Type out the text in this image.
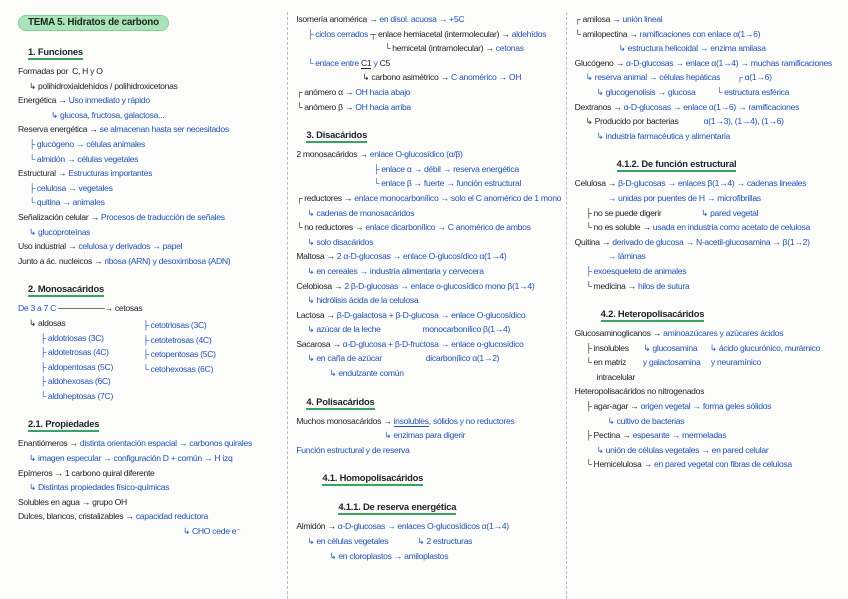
TEMA 5. Hidratos de carbono
1. Funciones
Formadas por  C, H y O
↳ polihidroxialdehídos / polihidroxicetonas
Energética → Uso inmediato y rápido
↳ glucosa, fructosa, galactosa...
Reserva energética → se almacenan hasta ser necesitados
├ glucógeno → células animales
└ almidón → células vegetales
Estructural → Estructuras importantes
├ celulosa → vegetales
└ quitina → animales
Señalización celular → Procesos de traducción de señales
↳ glucoproteínas
Uso industrial → celulosa y derivados → papel
Junto a ác. nucleicos → ribosa (ARN) y desoxirribosa (ADN)
2. Monosacáridos
De 3 a 7 C ────────→ cetosas
↳ aldosas
├ aldotriosas (3C)
├ aldotetrosas (4C)
├ aldopentosas (5C)
├ aldohexosas (6C)
└ aldoheptosas (7C)
├ cetotriosas (3C)
├ cetotetrosas (4C)
├ cetopentosas (5C)
└ cetohexosas (6C)
2.1. Propiedades
Enantiómeros → distinta orientación espacial → carbonos quirales
↳ imagen especular → configuración D + común → H izq
Epímeros → 1 carbono quiral diferente
↳ Distintas propiedades físico-químicas
Solubles en agua → grupo OH
Dulces, blancos, cristalizables → capacidad reductora
↳ CHO cede e⁻
Isomería anomérica → en disol. acuosa → +5C
├ ciclos cerrados ┬ enlace hemiacetal (intermolecular) → aldehídos
└ hemicetal (intramolecular) → cetonas
└ enlace entre C1 y C5
↳ carbono asimétrico → C anomérico → OH
┌ anómero α → OH hacia abajo
└ anómero β → OH hacia arriba
3. Disacáridos
2 monosacáridos → enlace O-glucosídico (α/β)
├ enlace α → débil → reserva energética
└ enlace β → fuerte → función estructural
┌ reductores → enlace monocarbonílico → solo el C anomérico de 1 mono
↳ cadenas de monosacáridos
└ no reductores → enlace dicarbonílico → C anomérico de ambos
↳ solo disacáridos
Maltosa → 2 α-D-glucosas → enlace O-glucosídico α(1→4)
↳ en cereales → industria alimentaria y cervecera
Celobiosa → 2 β-D-glucosas → enlace o-glucosídico mono β(1→4)
↳ hidrólisis ácida de la celulosa
Lactosa → β-D-galactosa + β-D-glucosa → enlace O-glucosídico
↳ azúcar de la leche                    monocarbonílico β(1→4)
Sacarosa → α-D-glucosa + β-D-fructosa → enlace o-glucosídico
↳ en caña de azúcar                     dicarbonílico α(1→2)
↳ endulzante común
4. Polisacáridos
Muchos monosacáridos → insolubles, sólidos y no reductores
↳ enzimas para digerir
Función estructural y de reserva
4.1. Homopolisacáridos
4.1.1. De reserva energética
Almidón → α-D-glucosas → enlaces O-glucosídicos α(1→4)
↳ en células vegetales              ↳ 2 estructuras
↳ en cloroplastos → amiloplastos
┌ amilosa → unión lineal
└ amilopectina → ramificaciones con enlace α(1→6)
↳ estructura helicoidal → enzima amilasa
Glucógeno → α-D-glucosas → enlace α(1→4) → muchas ramificaciones
↳ reserva animal → células hepáticas        ┌ α(1→6)
↳ glucogenolisis → glucosa          └ estructura esférica
Dextranos → α-D-glucosas → enlace α(1→6) → ramificaciones
↳ Producido por bacterias            α(1→3), (1→4), (1→6)
↳ industria farmacéutica y alimentaria
4.1.2. De función estructural
Celulosa → β-D-glucosas → enlaces β(1→4) → cadenas lineales
→ unidas por puentes de H → microfibrillas
├ no se puede digerir                   ↳ pared vegetal
└ no es soluble → usada en industria como acetato de celulosa
Quitina → derivado de glucosa → N-acetil-glucosamina → β(1→2)
→ láminas
├ exoesqueleto de animales
└ medicina → hilos de sutura
4.2. Heteropolisacáridos
Glucosaminoglicanos → aminoazúcares y azúcares ácidos
├ insolubles       ↳ glucosamina      ↳ ácido glucurónico, murámico
└ en matriz        y galactosamina     y neuramínico
intracelular
Heteropolisacáridos no nitrogenados
├ agar-agar → origen vegetal → forma geles sólidos
↳ cultivo de bacterias
├ Pectina → espesante → mermeladas
↳ unión de células vegetales → en pared celular
└ Hemicelulosa → en pared vegetal con fibras de celulosa
